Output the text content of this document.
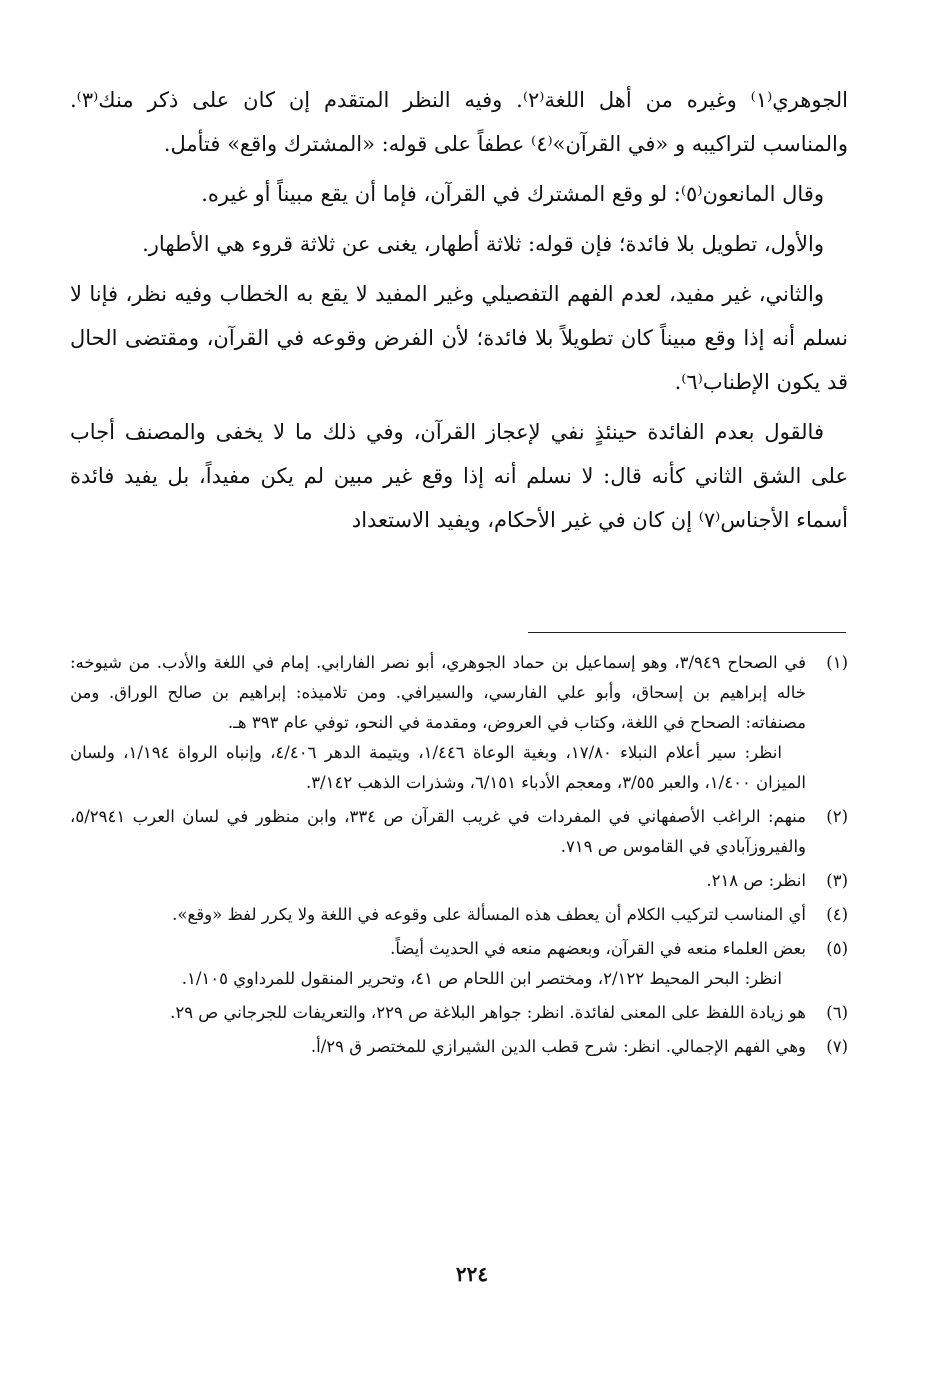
الجوهري⁽١⁾ وغيره من أهل اللغة⁽٢⁾. وفيه النظر المتقدم إن كان على ذكر منك⁽٣⁾. والمناسب لتراكيبه و «في القرآن»⁽٤⁾ عطفاً على قوله: «المشترك واقع» فتأمل.

وقال المانعون⁽٥⁾: لو وقع المشترك في القرآن، فإما أن يقع مبيناً أو غيره.

والأول، تطويل بلا فائدة؛ فإن قوله: ثلاثة أطهار، يغنى عن ثلاثة قروء هي الأطهار.

والثاني، غير مفيد، لعدم الفهم التفصيلي وغير المفيد لا يقع به الخطاب وفيه نظر، فإنا لا نسلم أنه إذا وقع مبيناً كان تطويلاً بلا فائدة؛ لأن الفرض وقوعه في القرآن، ومقتضى الحال قد يكون الإطناب⁽٦⁾.

فالقول بعدم الفائدة حينئذٍ نفي لإعجاز القرآن، وفي ذلك ما لا يخفى والمصنف أجاب على الشق الثاني كأنه قال: لا نسلم أنه إذا وقع غير مبين لم يكن مفيداً، بل يفيد فائدة أسماء الأجناس⁽٧⁾ إن كان في غير الأحكام، ويفيد الاستعداد

(١)

في الصحاح ٣/٩٤٩، وهو إسماعيل بن حماد الجوهري، أبو نصر الفارابي. إمام في اللغة والأدب. من شيوخه: خاله إبراهيم بن إسحاق، وأبو علي الفارسي، والسيرافي. ومن تلاميذه: إبراهيم بن صالح الوراق. ومن مصنفاته: الصحاح في اللغة، وكتاب في العروض، ومقدمة في النحو، توفي عام ٣٩٣ هـ.

انظر: سير أعلام النبلاء ١٧/٨٠، وبغية الوعاة ١/٤٤٦، ويتيمة الدهر ٤/٤٠٦، وإنباه الرواة ١/١٩٤، ولسان الميزان ١/٤٠٠، والعبر ٣/٥٥، ومعجم الأدباء ٦/١٥١، وشذرات الذهب ٣/١٤٢.

(٢)

منهم: الراغب الأصفهاني في المفردات في غريب القرآن ص ٣٣٤، وابن منظور في لسان العرب ٥/٢٩٤١، والفيروزآبادي في القاموس ص ٧١٩.

(٣)

انظر: ص ٢١٨.

(٤)

أي المناسب لتركيب الكلام أن يعطف هذه المسألة على وقوعه في اللغة ولا يكرر لفظ «وقع».

(٥)

بعض العلماء منعه في القرآن، وبعضهم منعه في الحديث أيضاً.

انظر: البحر المحيط ٢/١٢٢، ومختصر ابن اللحام ص ٤١، وتحرير المنقول للمرداوي ١/١٠٥.

(٦)

هو زيادة اللفظ على المعنى لفائدة. انظر: جواهر البلاغة ص ٢٢٩، والتعريفات للجرجاني ص ٢٩.

(٧)

وهي الفهم الإجمالي. انظر: شرح قطب الدين الشيرازي للمختصر ق ٢٩/أ.

٢٢٤
